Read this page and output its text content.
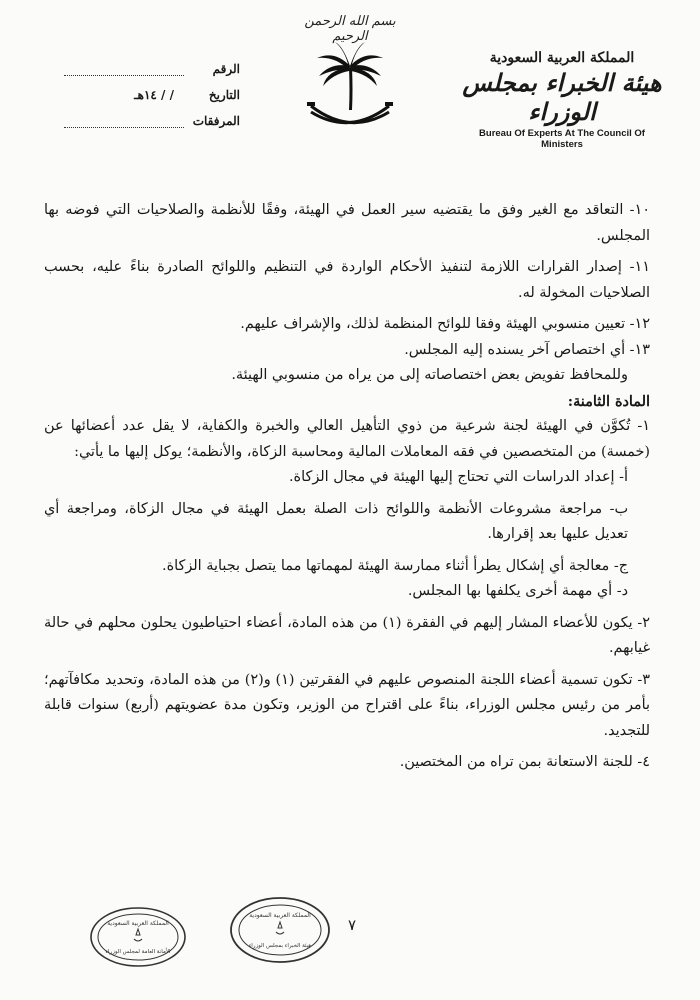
بسم الله الرحمن الرحيم
المملكة العربية السعودية
هيئة الخبراء بمجلس الوزراء
Bureau Of Experts At The Council Of Ministers
الرقم
التاريخ
/ / ١٤هـ
المرفقات

١٠- التعاقد مع الغير وفق ما يقتضيه سير العمل في الهيئة، وفقًا للأنظمة والصلاحيات التي فوضه بها المجلس.

١١- إصدار القرارات اللازمة لتنفيذ الأحكام الواردة في التنظيم واللوائح الصادرة بناءً عليه، بحسب الصلاحيات المخولة له.

١٢- تعيين منسوبي الهيئة وفقا للوائح المنظمة لذلك، والإشراف عليهم.

١٣- أي اختصاص آخر يسنده إليه المجلس.

وللمحافظ تفويض بعض اختصاصاته إلى من يراه من منسوبي الهيئة.

المادة الثامنة:

١- تُكوَّن في الهيئة لجنة شرعية من ذوي التأهيل العالي والخبرة والكفاية، لا يقل عدد أعضائها عن (خمسة) من المتخصصين في فقه المعاملات المالية ومحاسبة الزكاة، والأنظمة؛ يوكل إليها ما يأتي:

أ- إعداد الدراسات التي تحتاج إليها الهيئة في مجال الزكاة.

ب- مراجعة مشروعات الأنظمة واللوائح ذات الصلة بعمل الهيئة في مجال الزكاة، ومراجعة أي تعديل عليها بعد إقرارها.

ج- معالجة أي إشكال يطرأ أثناء ممارسة الهيئة لمهماتها مما يتصل بجباية الزكاة.

د- أي مهمة أخرى يكلفها بها المجلس.

٢- يكون للأعضاء المشار إليهم في الفقرة (١) من هذه المادة، أعضاء احتياطيون يحلون محلهم في حالة غيابهم.

٣- تكون تسمية أعضاء اللجنة المنصوص عليهم في الفقرتين (١) و(٢) من هذه المادة، وتحديد مكافآتهم؛ بأمر من رئيس مجلس الوزراء، بناءً على اقتراح من الوزير، وتكون مدة عضويتهم (أربع) سنوات قابلة للتجديد.

٤- للجنة الاستعانة بمن تراه من المختصين.

٧
المملكة العربية السعودية
الأمانة العامة لمجلس الوزراء
المملكة العربية السعودية
هيئة الخبراء بمجلس الوزراء
